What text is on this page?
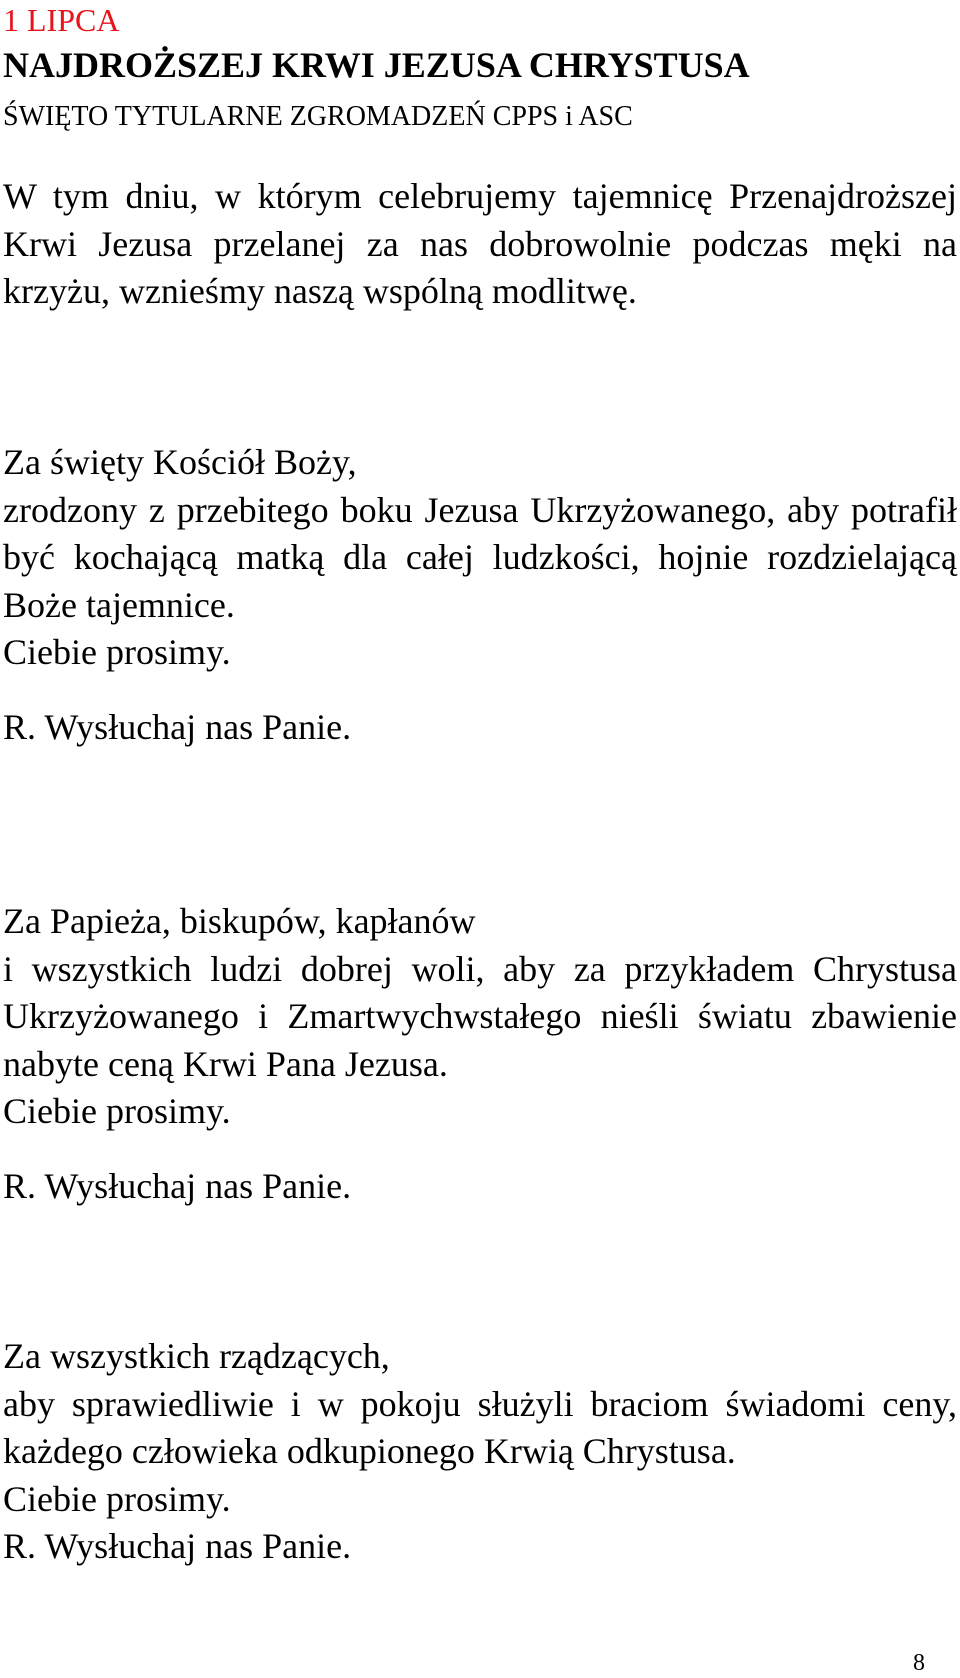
1 LIPCA
NAJDROŻSZEJ KRWI JEZUSA CHRYSTUSA
ŚWIĘTO TYTULARNE ZGROMADZEŃ CPPS i ASC
W tym dniu, w którym celebrujemy tajemnicę Przenajdroższej Krwi Jezusa przelanej za nas dobrowolnie podczas męki na krzyżu, wznieśmy naszą wspólną modlitwę.
Za święty Kościół Boży,
zrodzony z przebitego boku Jezusa Ukrzyżowanego, aby potrafił być kochającą matką dla całej ludzkości, hojnie rozdzielającą Boże tajemnice.
Ciebie prosimy.
R. Wysłuchaj nas Panie.
Za Papieża, biskupów, kapłanów
i wszystkich ludzi dobrej woli, aby za przykładem Chrystusa Ukrzyżowanego i Zmartwychwstałego nieśli światu zbawienie nabyte ceną Krwi Pana Jezusa.
Ciebie prosimy.
R. Wysłuchaj nas Panie.
Za wszystkich rządzących,
aby sprawiedliwie i w pokoju służyli braciom świadomi ceny, każdego człowieka odkupionego Krwią Chrystusa.
Ciebie prosimy.
R. Wysłuchaj nas Panie.
8
